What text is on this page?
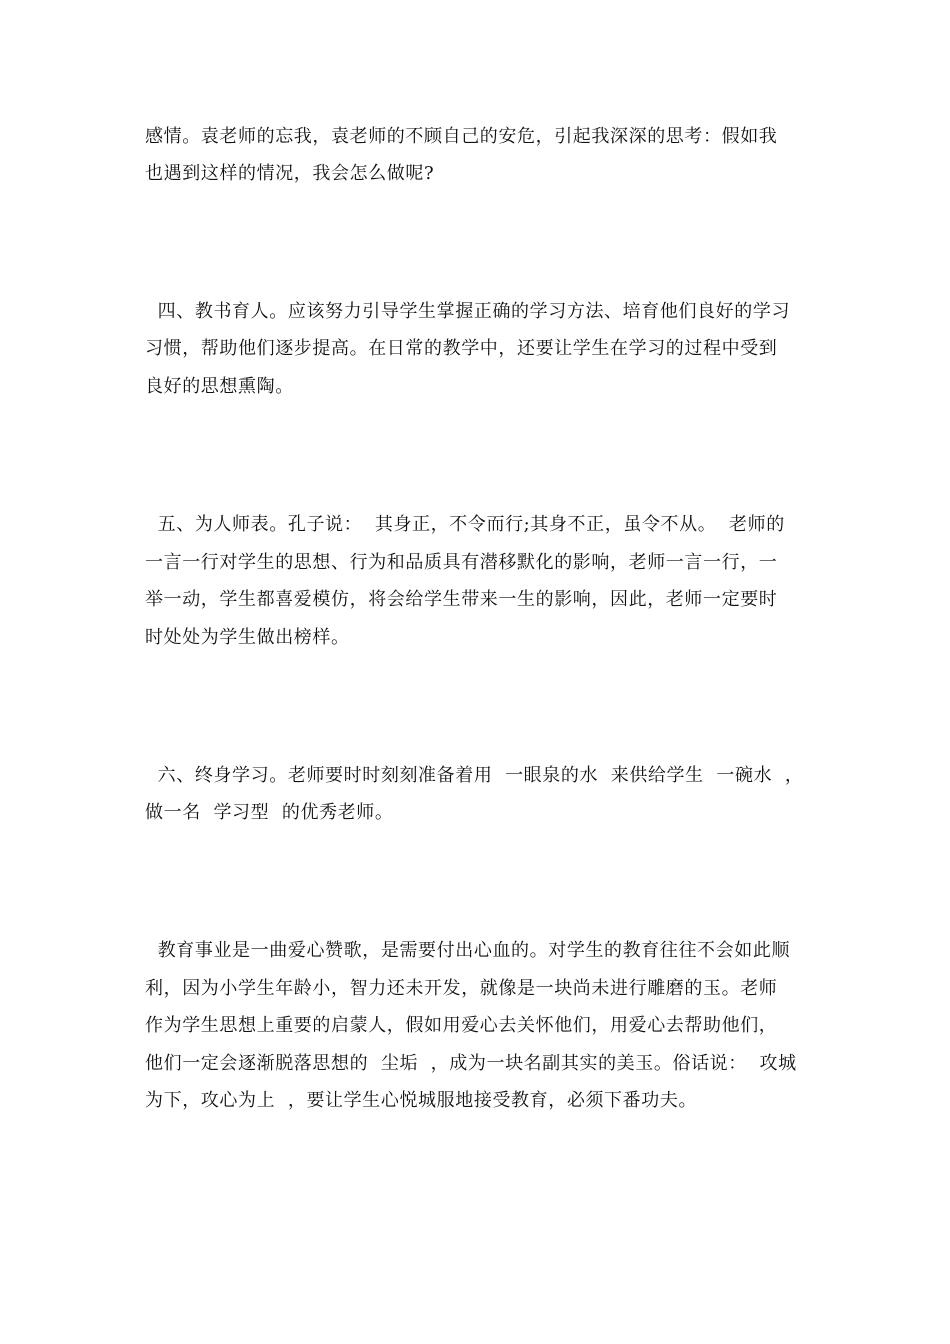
感情。袁老师的忘我，袁老师的不顾自己的安危，引起我深深的思考：假如我
也遇到这样的情况，我会怎么做呢?
四、教书育人。应该努力引导学生掌握正确的学习方法、培育他们良好的学习
习惯，帮助他们逐步提高。在日常的教学中，还要让学生在学习的过程中受到
良好的思想熏陶。
五、为人师表。孔子说：  其身正，不令而行;其身不正，虽令不从。  老师的
一言一行对学生的思想、行为和品质具有潜移默化的影响，老师一言一行，一
举一动，学生都喜爱模仿，将会给学生带来一生的影响，因此，老师一定要时
时处处为学生做出榜样。
六、终身学习。老师要时时刻刻准备着用  一眼泉的水  来供给学生  一碗水  ，
做一名  学习型  的优秀老师。
教育事业是一曲爱心赞歌，是需要付出心血的。对学生的教育往往不会如此顺
利，因为小学生年龄小，智力还未开发，就像是一块尚未进行雕磨的玉。老师
作为学生思想上重要的启蒙人，假如用爱心去关怀他们，用爱心去帮助他们，
他们一定会逐渐脱落思想的  尘垢  ，成为一块名副其实的美玉。俗话说：  攻城
为下，攻心为上  ，要让学生心悦城服地接受教育，必须下番功夫。
